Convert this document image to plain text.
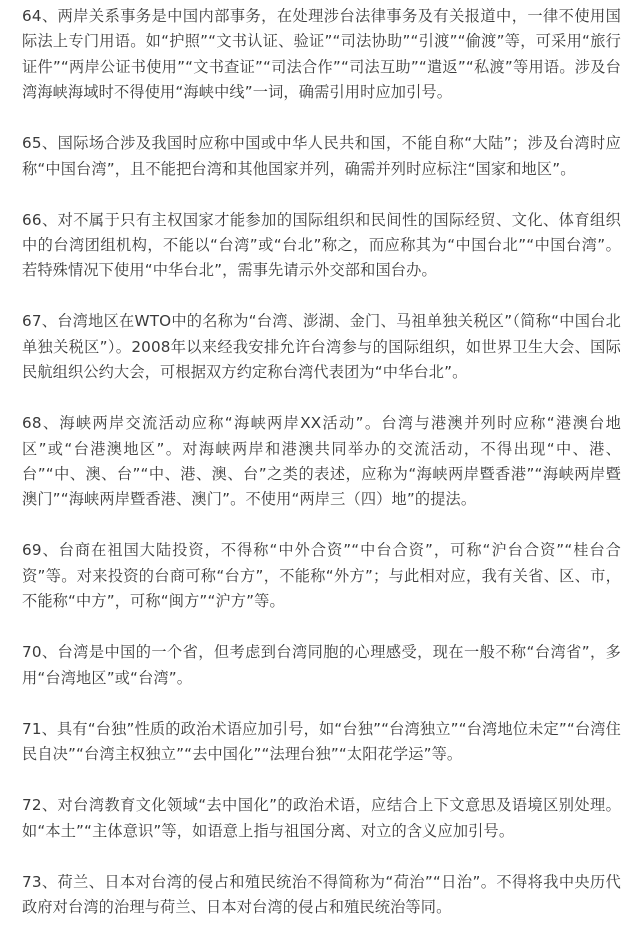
64、两岸关系事务是中国内部事务，在处理涉台法律事务及有关报道中，一律不使用国际法上专门用语。如“护照”“文书认证、验证”“司法协助”“引渡”“偷渡”等，可采用“旅行证件”“两岸公证书使用”“文书查证”“司法合作”“司法互助”“遣返”“私渡”等用语。涉及台湾海峡海域时不得使用“海峡中线”一词，确需引用时应加引号。

65、国际场合涉及我国时应称中国或中华人民共和国，不能自称“大陆”；涉及台湾时应称“中国台湾”，且不能把台湾和其他国家并列，确需并列时应标注“国家和地区”。

66、对不属于只有主权国家才能参加的国际组织和民间性的国际经贸、文化、体育组织中的台湾团组机构，不能以“台湾”或“台北”称之，而应称其为“中国台北”“中国台湾”。若特殊情况下使用“中华台北”，需事先请示外交部和国台办。

67、台湾地区在WTO中的名称为“台湾、澎湖、金门、马祖单独关税区”（简称“中国台北单独关税区”）。2008年以来经我安排允许台湾参与的国际组织，如世界卫生大会、国际民航组织公约大会，可根据双方约定称台湾代表团为“中华台北”。

68、海峡两岸交流活动应称“海峡两岸XX活动”。台湾与港澳并列时应称“港澳台地区”或“台港澳地区”。对海峡两岸和港澳共同举办的交流活动，不得出现“中、港、台”“中、澳、台”“中、港、澳、台”之类的表述，应称为“海峡两岸暨香港”“海峡两岸暨澳门”“海峡两岸暨香港、澳门”。不使用“两岸三（四）地”的提法。

69、台商在祖国大陆投资，不得称“中外合资”“中台合资”，可称“沪台合资”“桂台合资”等。对来投资的台商可称“台方”，不能称“外方”；与此相对应，我有关省、区、市，不能称“中方”，可称“闽方”“沪方”等。

70、台湾是中国的一个省，但考虑到台湾同胞的心理感受，现在一般不称“台湾省”，多用“台湾地区”或“台湾”。

71、具有“台独”性质的政治术语应加引号，如“台独”“台湾独立”“台湾地位未定”“台湾住民自决”“台湾主权独立”“去中国化”“法理台独”“太阳花学运”等。

72、对台湾教育文化领域“去中国化”的政治术语，应结合上下文意思及语境区别处理。如“本土”“主体意识”等，如语意上指与祖国分离、对立的含义应加引号。

73、荷兰、日本对台湾的侵占和殖民统治不得简称为“荷治”“日治”。不得将我中央历代政府对台湾的治理与荷兰、日本对台湾的侵占和殖民统治等同。
